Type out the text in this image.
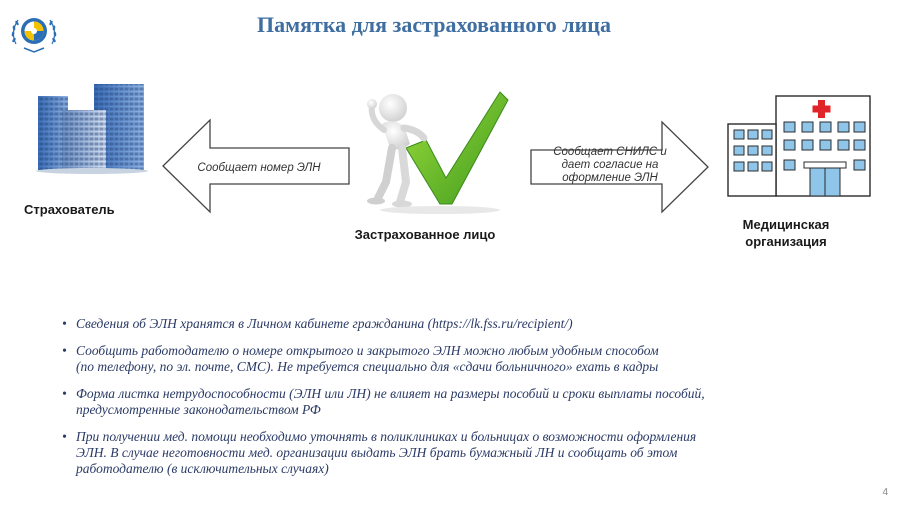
Памятка для застрахованного лица
Сообщает номер ЭЛН
Сообщает СНИЛС и дает согласие на оформление ЭЛН
Страхователь
Застрахованное лицо
Медицинская организация
• Сведения об ЭЛН хранятся в Личном кабинете гражданина (https://lk.fss.ru/recipient/)
• Сообщить работодателю о номере открытого и закрытого ЭЛН можно любым удобным способом
(по телефону, по эл. почте, СМС). Не требуется специально для «сдачи больничного» ехать в кадры
• Форма листка нетрудоспособности (ЭЛН или ЛН) не влияет на размеры пособий и сроки выплаты пособий,
предусмотренные законодательством РФ
• При получении мед. помощи необходимо уточнять в поликлиниках и больницах о возможности оформления
ЭЛН. В случае неготовности мед. организации выдать ЭЛН брать бумажный ЛН и сообщать об этом
работодателю (в исключительных случаях)
4
